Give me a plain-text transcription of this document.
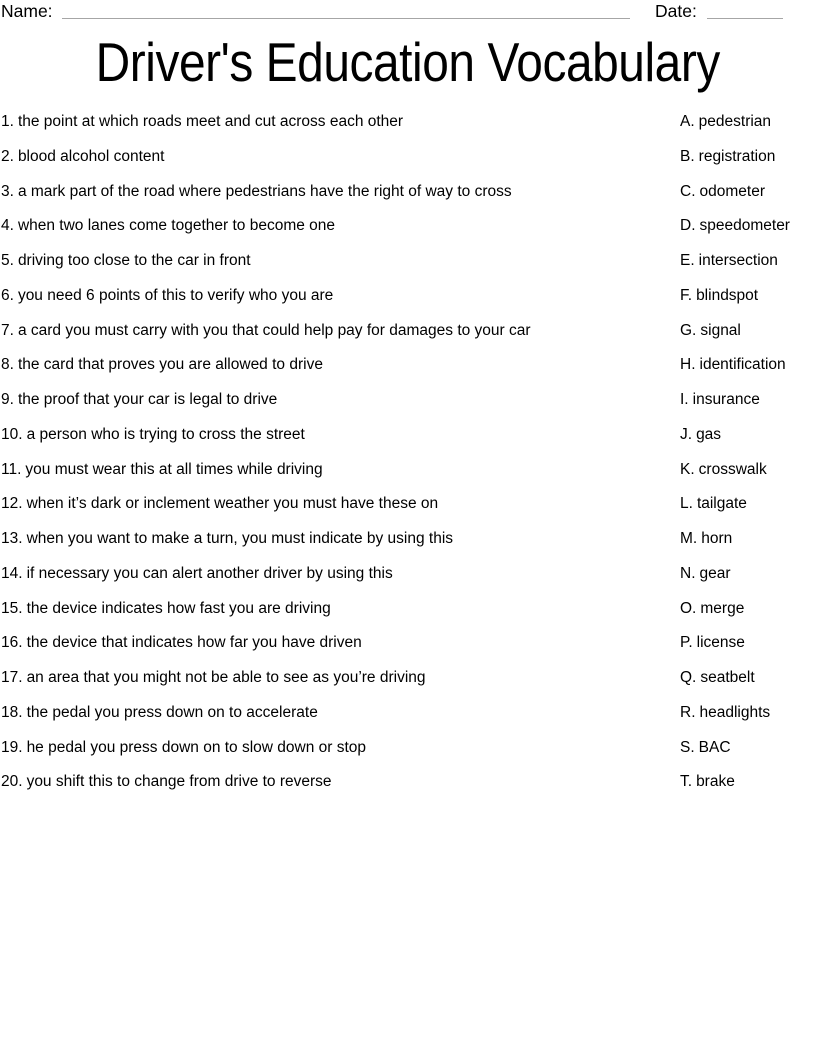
Name:	Date:
Driver's Education Vocabulary
1. the point at which roads meet and cut across each other
2. blood alcohol content
3. a mark part of the road where pedestrians have the right of way to cross
4. when two lanes come together to become one
5. driving too close to the car in front
6. you need 6 points of this to verify who you are
7. a card you must carry with you that could help pay for damages to your car
8. the card that proves you are allowed to drive
9. the proof that your car is legal to drive
10. a person who is trying to cross the street
11. you must wear this at all times while driving
12. when it’s dark or inclement weather you must have these on
13. when you want to make a turn, you must indicate by using this
14. if necessary you can alert another driver by using this
15. the device indicates how fast you are driving
16. the device that indicates how far you have driven
17. an area that you might not be able to see as you’re driving
18. the pedal you press down on to accelerate
19. he pedal you press down on to slow down or stop
20. you shift this to change from drive to reverse
A. pedestrian
B. registration
C. odometer
D. speedometer
E. intersection
F. blindspot
G. signal
H. identification
I. insurance
J. gas
K. crosswalk
L. tailgate
M. horn
N. gear
O. merge
P. license
Q. seatbelt
R. headlights
S. BAC
T. brake
